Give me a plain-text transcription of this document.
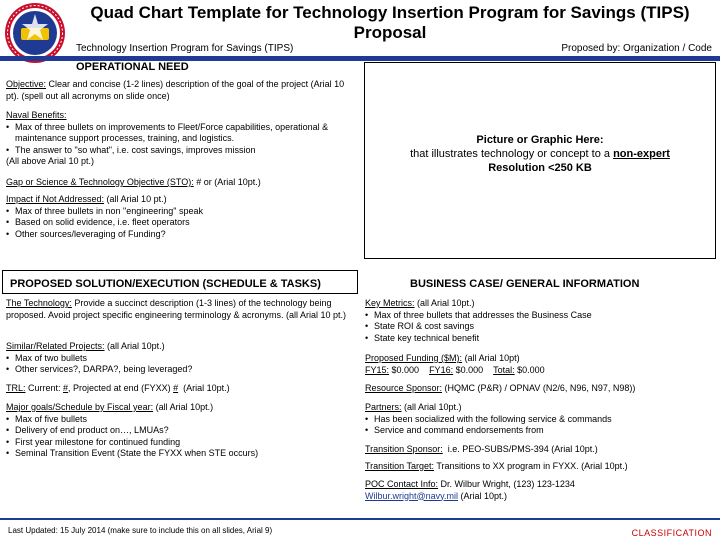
Quad Chart Template for Technology Insertion Program for Savings (TIPS) Proposal
Technology Insertion Program for Savings (TIPS)	Proposed by: Organization / Code
OPERATIONAL NEED
Objective: Clear and concise (1-2 lines) description of the goal of the project (Arial 10 pt). (spell out all acronyms on slide once)
Naval Benefits:
• Max of three bullets on improvements to Fleet/Force capabilities, operational & maintenance support processes, training, and logistics.
• The answer to "so what", i.e. cost savings, improves mission
(All above Arial 10 pt.)
Gap or Science & Technology Objective (STO): # or (Arial 10pt.)
Impact if Not Addressed: (all Arial 10 pt.)
• Max of three bullets in non "engineering" speak
• Based on solid evidence, i.e. fleet operators
• Other sources/leveraging of Funding?
Picture or Graphic Here:
that illustrates technology or concept to a non-expert
Resolution <250 KB
PROPOSED SOLUTION/EXECUTION (SCHEDULE & TASKS)	BUSINESS CASE/ GENERAL INFORMATION
The Technology: Provide a succinct description (1-3 lines) of the technology being proposed. Avoid project specific engineering terminology & acronyms. (all Arial 10 pt.)
Similar/Related Projects: (all Arial 10pt.)
• Max of two bullets
• Other services?, DARPA?, being leveraged?
TRL: Current: #, Projected at end (FYXX) #  (Arial 10pt.)
Major goals/Schedule by Fiscal year: (all Arial 10pt.)
• Max of five bullets
• Delivery of end product on…, LMUAs?
• First year milestone for continued funding
• Seminal Transition Event (State the FYXX when STE occurs)
Key Metrics: (all Arial 10pt.)
• Max of three bullets that addresses the Business Case
• State ROI & cost savings
• State key technical benefit
Proposed Funding ($M): (all Arial 10pt)
FY15: $0.000 FY16: $0.000 Total: $0.000
Resource Sponsor: (HQMC (P&R) / OPNAV (N2/6, N96, N97, N98))
Partners: (all Arial 10pt.)
• Has been socialized with the following service & commands
• Service and command endorsements from
Transition Sponsor:  i.e. PEO-SUBS/PMS-394 (Arial 10pt.)
Transition Target: Transitions to XX program in FYXX. (Arial 10pt.)
POC Contact Info: Dr. Wilbur Wright, (123) 123-1234
Wilbur.wright@navy.mil (Arial 10pt.)
Last Updated: 15 July 2014 (make sure to include this on all slides, Arial 9)	CLASSIFICATION
